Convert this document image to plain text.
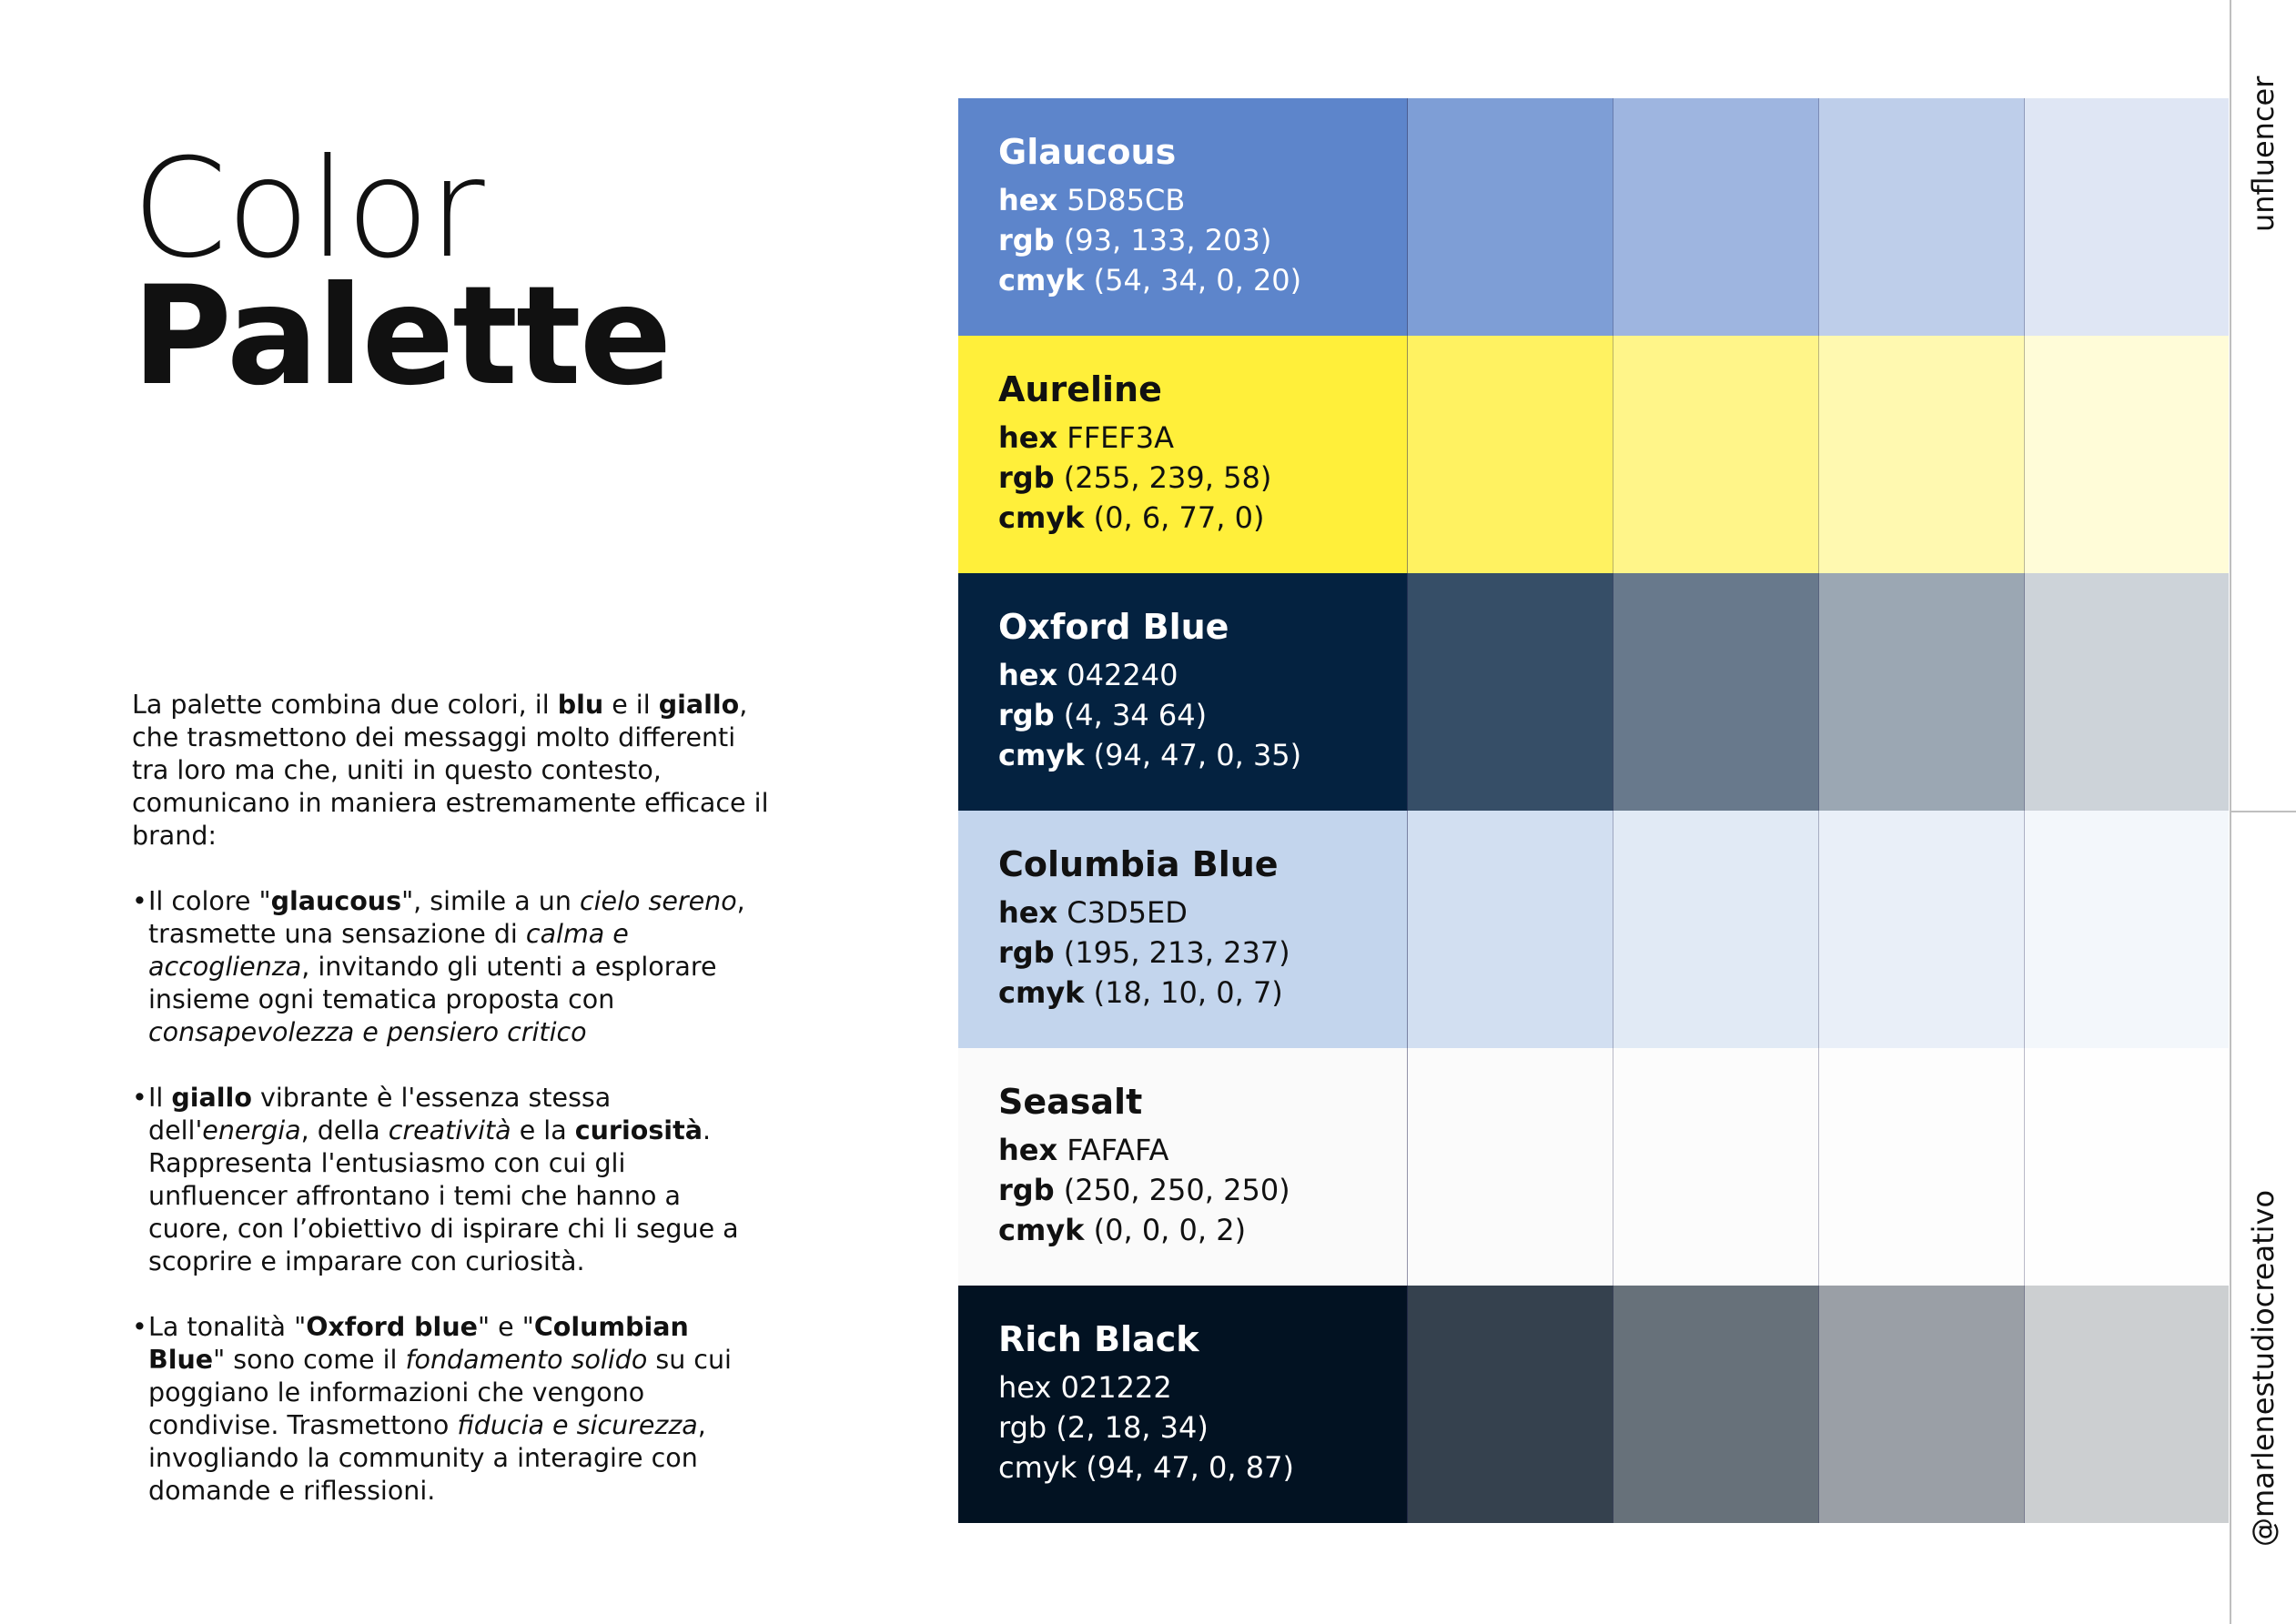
Color
Palette

La palette combina due colori, il blu e il giallo, che trasmettono dei messaggi molto differenti tra loro ma che, uniti in questo contesto, comunicano in maniera estremamente efficace il brand:

• Il colore "glaucous", simile a un cielo sereno, trasmette una sensazione di calma e accoglienza, invitando gli utenti a esplorare insieme ogni tematica proposta con consapevolezza e pensiero critico
• Il giallo vibrante è l'essenza stessa dell'energia, della creatività e la curiosità. Rappresenta l'entusiasmo con cui gli unfluencer affrontano i temi che hanno a cuore, con l’obiettivo di ispirare chi li segue a scoprire e imparare con curiosità.
• La tonalità "Oxford blue" e "Columbian Blue" sono come il fondamento solido su cui poggiano le informazioni che vengono condivise. Trasmettono fiducia e sicurezza, invogliando la community a interagire con domande e riflessioni.
Glaucous
hex 5D85CB
rgb (93, 133, 203)
cmyk (54, 34, 0, 20)
Aureline
hex FFEF3A
rgb (255, 239, 58)
cmyk (0, 6, 77, 0)
Oxford Blue
hex 042240
rgb (4, 34 64)
cmyk (94, 47, 0, 35)
Columbia Blue
hex C3D5ED
rgb (195, 213, 237)
cmyk (18, 10, 0, 7)
Seasalt
hex FAFAFA
rgb (250, 250, 250)
cmyk (0, 0, 0, 2)
Rich Black
hex 021222
rgb (2, 18, 34)
cmyk (94, 47, 0, 87)
unfluencer
@marlenestudiocreativo
